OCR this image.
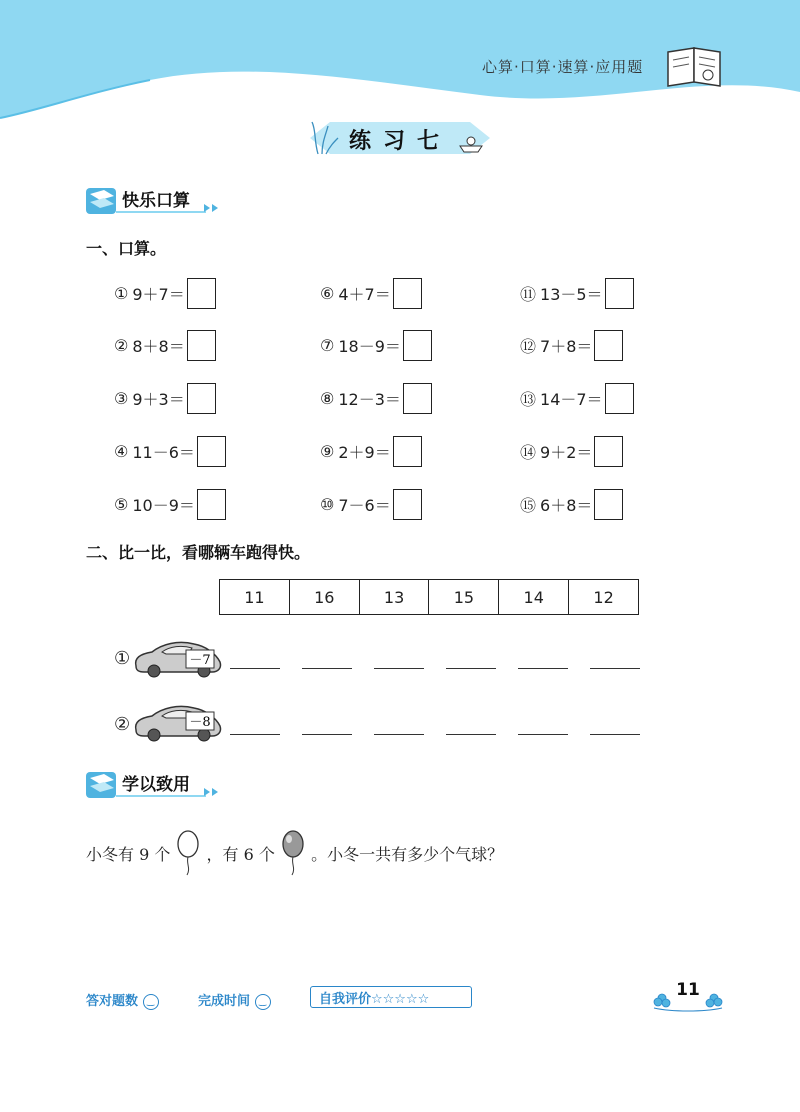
心算·口算·速算·应用题
练习七
快乐口算
一、口算。
① 9＋7＝
② 8＋8＝
③ 9＋3＝
④ 11－6＝
⑤ 10－9＝
⑥ 4＋7＝
⑦ 18－9＝
⑧ 12－3＝
⑨ 2＋9＝
⑩ 7－6＝
⑪ 13－5＝
⑫ 7＋8＝
⑬ 14－7＝
⑭ 9＋2＝
⑮ 6＋8＝
二、比一比，看哪辆车跑得快。
11	16	13	15	14	12
①	－7
②	－8
学以致用
小冬有 9 个 ，有 6 个 。小冬一共有多少个气球？
答对题数 ‿	完成时间 ‿	自我评价☆☆☆☆☆	11
